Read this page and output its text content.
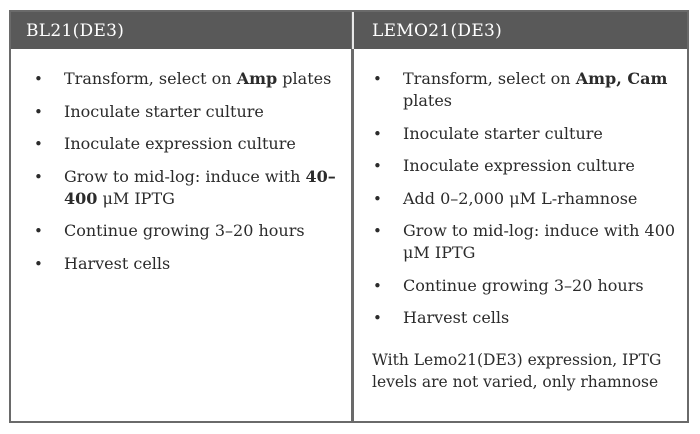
BL21(DE3)	LEMO21(DE3)
• Transform, select on Amp plates
• Inoculate starter culture
• Inoculate expression culture
• Grow to mid-log: induce with 40–400 μM IPTG
• Continue growing 3–20 hours
• Harvest cells
• Transform, select on Amp, Cam plates
• Inoculate starter culture
• Inoculate expression culture
• Add 0–2,000 μM L-rhamnose
• Grow to mid-log: induce with 400 μM IPTG
• Continue growing 3–20 hours
• Harvest cells
With Lemo21(DE3) expression, IPTG levels are not varied, only rhamnose
